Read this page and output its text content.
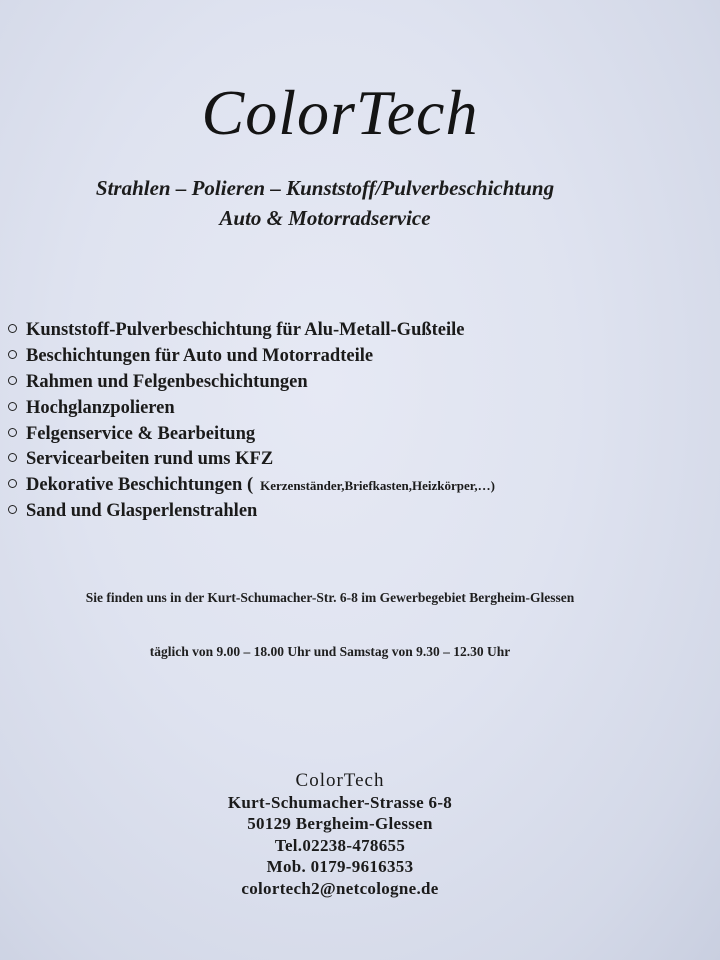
ColorTech
Strahlen – Polieren – Kunststoff/Pulverbeschichtung
Auto & Motorradservice
Kunststoff-Pulverbeschichtung für Alu-Metall-Gußteile
Beschichtungen für Auto und Motorradteile
Rahmen und Felgenbeschichtungen
Hochglanzpolieren
Felgenservice & Bearbeitung
Servicearbeiten rund ums KFZ
Dekorative Beschichtungen ( Kerzenständer,Briefkasten,Heizkörper,…)
Sand und Glasperlenstrahlen
Sie finden uns in der Kurt-Schumacher-Str. 6-8 im Gewerbegebiet Bergheim-Glessen
täglich von 9.00 – 18.00 Uhr und Samstag von 9.30 – 12.30 Uhr
ColorTech
Kurt-Schumacher-Strasse 6-8
50129 Bergheim-Glessen
Tel.02238-478655
Mob. 0179-9616353
colortech2@netcologne.de
